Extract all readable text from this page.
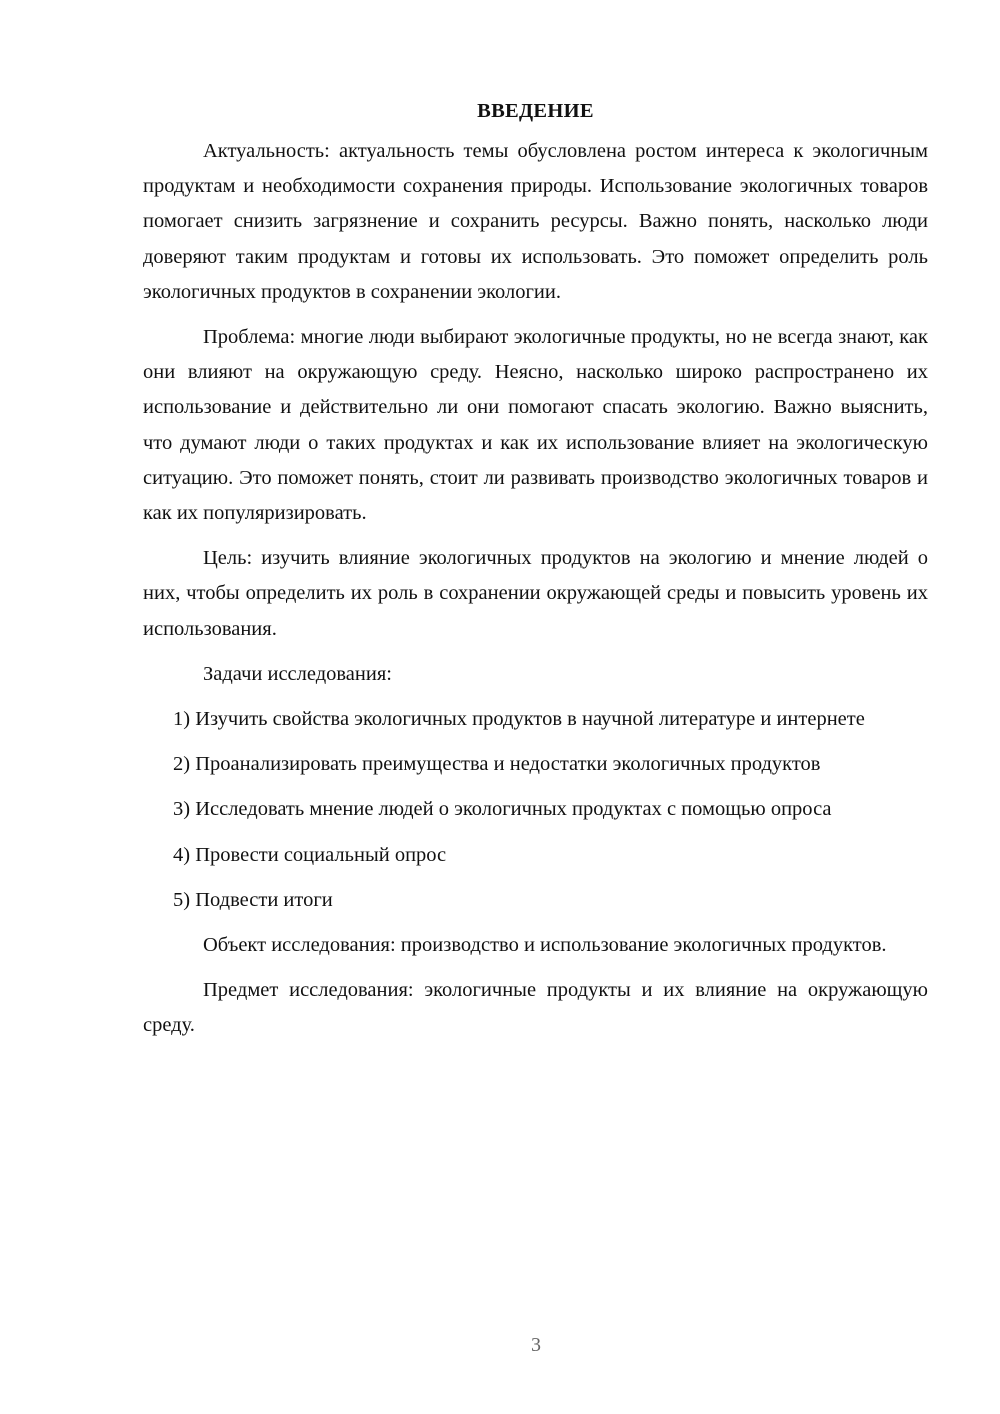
ВВЕДЕНИЕ

Актуальность: актуальность темы обусловлена ростом интереса к экологичным продуктам и необходимости сохранения природы. Использование экологичных товаров помогает снизить загрязнение и сохранить ресурсы. Важно понять, насколько люди доверяют таким продуктам и готовы их использовать. Это поможет определить роль экологичных продуктов в сохранении экологии.

Проблема: многие люди выбирают экологичные продукты, но не всегда знают, как они влияют на окружающую среду. Неясно, насколько широко распространено их использование и действительно ли они помогают спасать экологию. Важно выяснить, что думают люди о таких продуктах и как их использование влияет на экологическую ситуацию. Это поможет понять, стоит ли развивать производство экологичных товаров и как их популяризировать.

Цель: изучить влияние экологичных продуктов на экологию и мнение людей о них, чтобы определить их роль в сохранении окружающей среды и повысить уровень их использования.

Задачи исследования:

1) Изучить свойства экологичных продуктов в научной литературе и интернете

2) Проанализировать преимущества и недостатки экологичных продуктов

3) Исследовать мнение людей о экологичных продуктах с помощью опроса

4) Провести социальный опрос

5) Подвести итоги

Объект исследования: производство и использование экологичных продуктов.

Предмет исследования: экологичные продукты и их влияние на окружающую среду.

3
